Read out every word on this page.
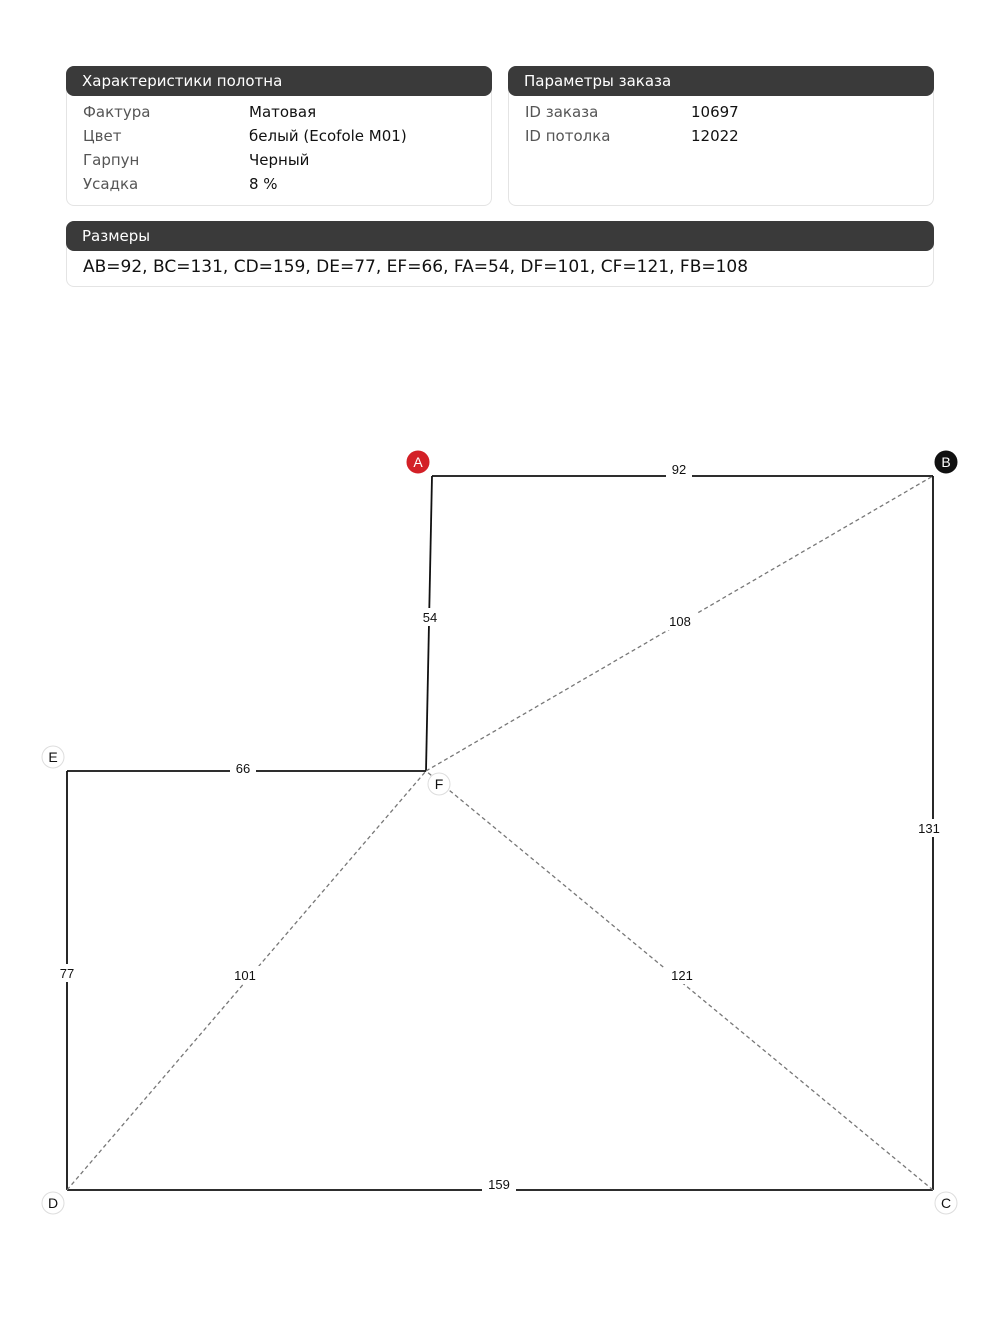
Характеристики полотна
Фактура	Матовая
Цвет	белый (Ecofole M01)
Гарпун	Черный
Усадка	8 %
Параметры заказа
ID заказа	10697
ID потолка	12022
Размеры
AB=92, BC=131, CD=159, DE=77, EF=66, FA=54, DF=101, CF=121, FB=108
92
131
159
77
66
54
101	121
108
A	B
C
D
E
F
